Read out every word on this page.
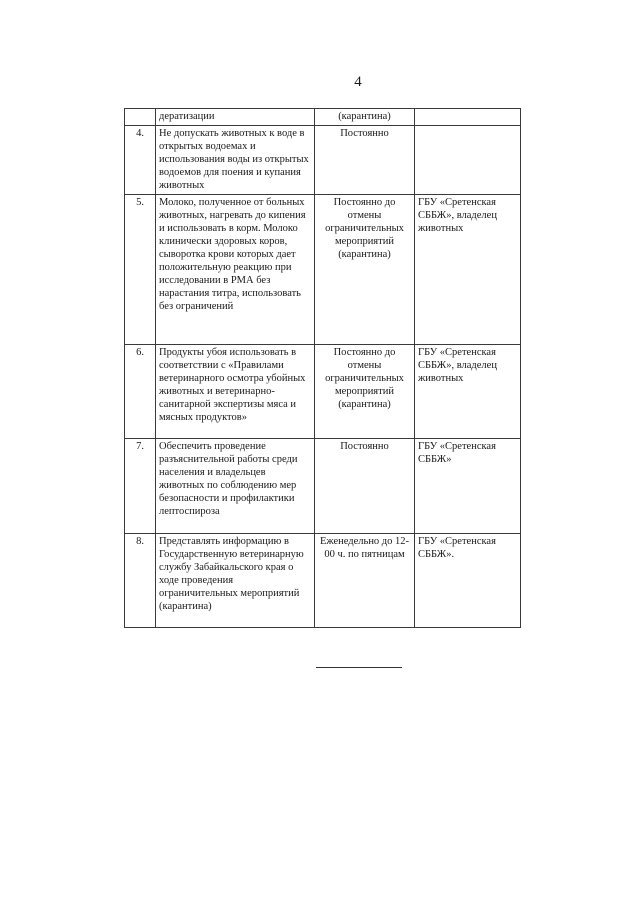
4
	дератизации	(карантина)	
4.	Не допускать животных к воде в открытых водоемах и использования воды из открытых водоемов для поения и купания животных	Постоянно	
5.	Молоко, полученное от больных животных, нагревать до кипения и использовать в корм. Молоко клинически здоровых коров, сыворотка крови которых дает положительную реакцию при исследовании в РМА без нарастания титра, использовать без ограничений	Постоянно до отмены ограничительных мероприятий (карантина)	ГБУ «Сретенская СББЖ», владелец животных
6.	Продукты убоя использовать в соответствии с «Правилами ветеринарного осмотра убойных животных и ветеринарно-санитарной экспертизы мяса и мясных продуктов»	Постоянно до отмены ограничительных мероприятий (карантина)	ГБУ «Сретенская СББЖ», владелец животных
7.	Обеспечить проведение разъяснительной работы среди населения и владельцев животных по соблюдению мер безопасности и профилактики лептоспироза	Постоянно	ГБУ «Сретенская СББЖ»
8.	Представлять информацию в Государственную ветеринарную службу Забайкальского края о ходе проведения ограничительных мероприятий (карантина)	Еженедельно до 12-00 ч. по пятницам	ГБУ «Сретенская СББЖ».
